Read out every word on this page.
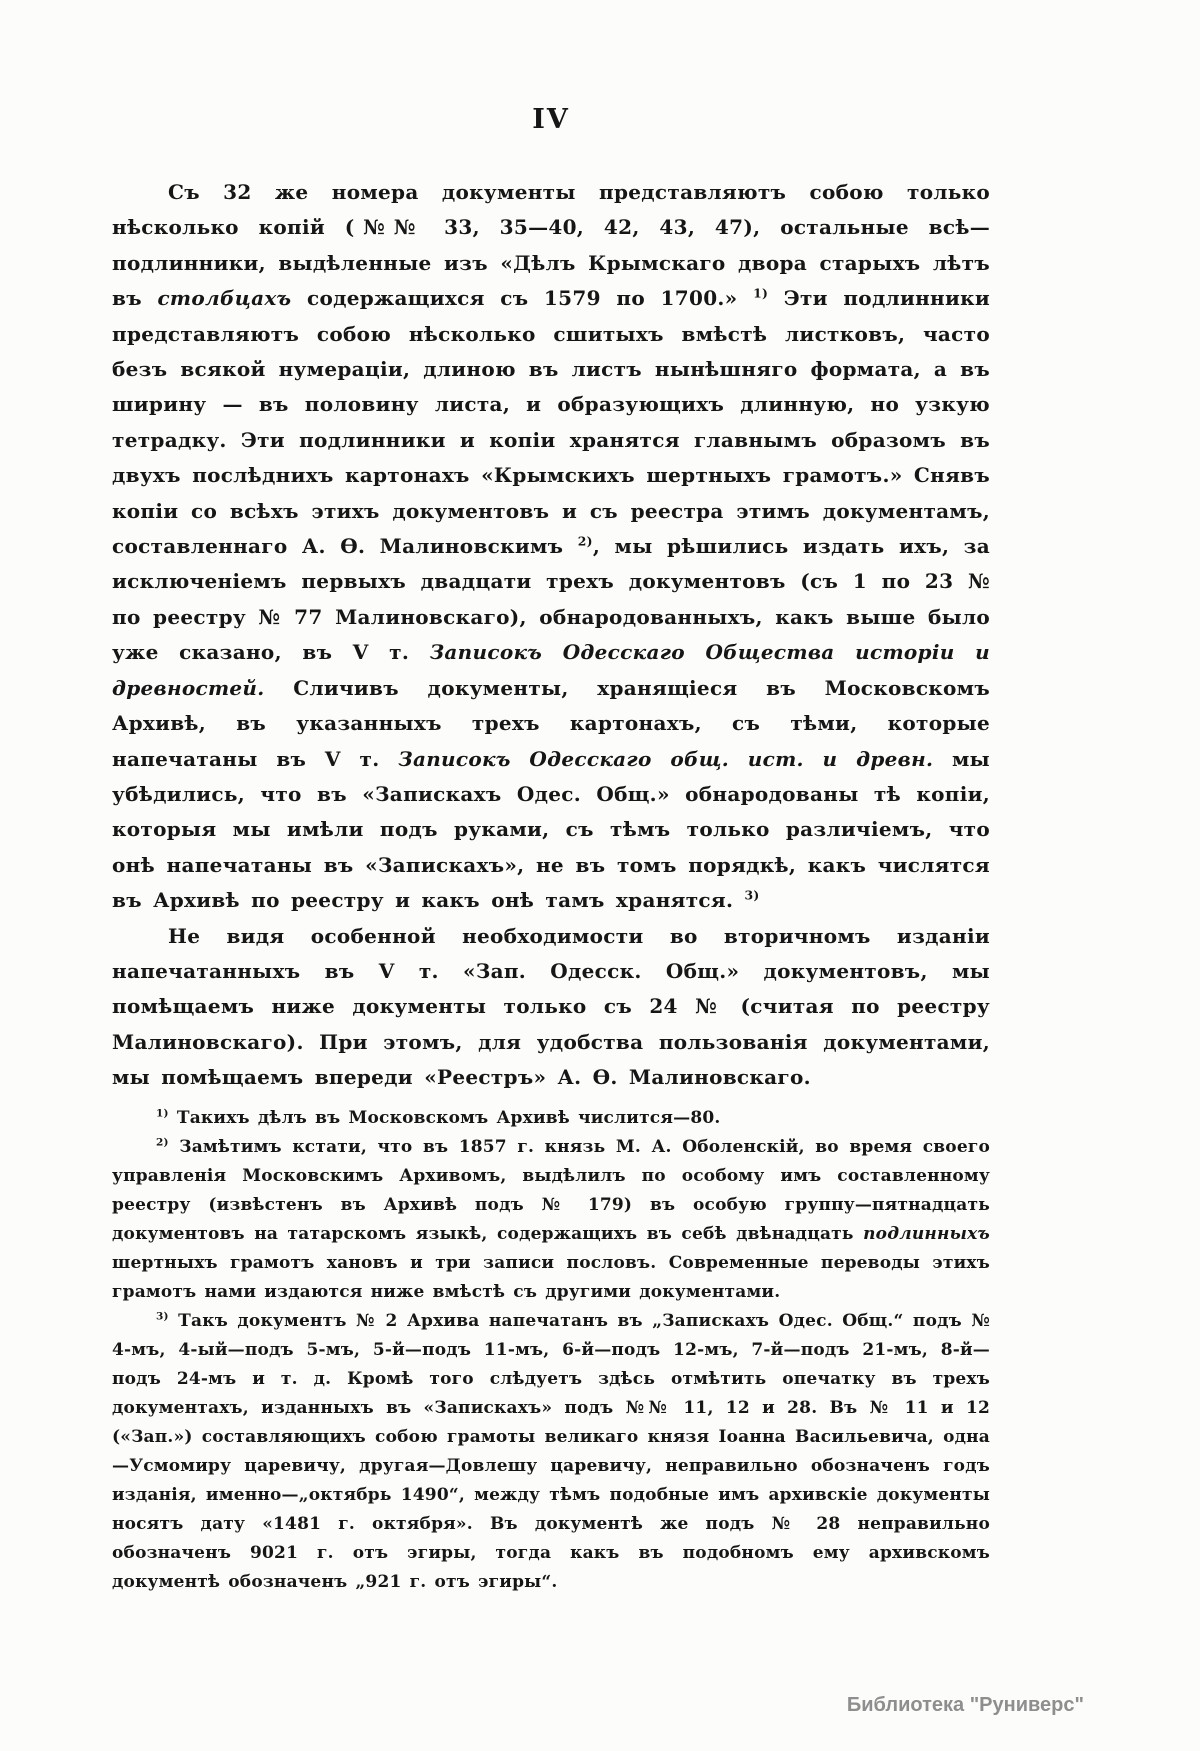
IV

Съ 32 же номера документы представляютъ собою только нѣсколько копій (№№ 33, 35—40, 42, 43, 47), остальные всѣ—подлинники, выдѣленные изъ «Дѣлъ Крымскаго двора старыхъ лѣтъ въ столбцахъ содержащихся съ 1579 по 1700.» $^{1)}$ Эти подлинники представляютъ собою нѣсколько сшитыхъ вмѣстѣ листковъ, часто безъ всякой нумераціи, длиною въ листъ нынѣшняго формата, а въ ширину — въ половину листа, и образующихъ длинную, но узкую тетрадку. Эти подлинники и копіи хранятся главнымъ образомъ въ двухъ послѣднихъ картонахъ «Крымскихъ шертныхъ грамотъ.» Снявъ копіи со всѣхъ этихъ документовъ и съ реестра этимъ документамъ, составленнаго А. Ѳ. Малиновскимъ $^{2)}$, мы рѣшились издать ихъ, за исключеніемъ первыхъ двадцати трехъ документовъ (съ 1 по 23 № по реестру № 77 Малиновскаго), обнародованныхъ, какъ выше было уже сказано, въ V т. Записокъ Одесскаго Общества исторіи и древностей. Сличивъ документы, хранящіеся въ Московскомъ Архивѣ, въ указанныхъ трехъ картонахъ, съ тѣми, которые напечатаны въ V т. Записокъ Одесскаго общ. ист. и древн. мы убѣдились, что въ «Запискахъ Одес. Общ.» обнародованы тѣ копіи, которыя мы имѣли подъ руками, съ тѣмъ только различіемъ, что онѣ напечатаны въ «Запискахъ», не въ томъ порядкѣ, какъ числятся въ Архивѣ по реестру и какъ онѣ тамъ хранятся. $^{3)}$

Не видя особенной необходимости во вторичномъ изданіи напечатанныхъ въ V т. «Зап. Одесск. Общ.» документовъ, мы помѣщаемъ ниже документы только съ 24 № (считая по реестру Малиновскаго). При этомъ, для удобства пользованія документами, мы помѣщаемъ впереди «Реестръ» А. Ѳ. Малиновскаго.

$^{1)}$ Такихъ дѣлъ въ Московскомъ Архивѣ числится—80.

$^{2)}$ Замѣтимъ кстати, что въ 1857 г. князь М. А. Оболенскій, во время своего управленія Московскимъ Архивомъ, выдѣлилъ по особому имъ составленному реестру (извѣстенъ въ Архивѣ подъ № 179) въ особую группу—пятнадцать документовъ на татарскомъ языкѣ, содержащихъ въ себѣ двѣнадцать подлинныхъ шертныхъ грамотъ хановъ и три записи пословъ. Современные переводы этихъ грамотъ нами издаются ниже вмѣстѣ съ другими документами.

$^{3)}$ Такъ документъ № 2 Архива напечатанъ въ „Запискахъ Одес. Общ.“ подъ № 4-мъ, 4-ый—подъ 5-мъ, 5-й—подъ 11-мъ, 6-й—подъ 12-мъ, 7-й—подъ 21-мъ, 8-й—подъ 24-мъ и т. д. Кромѣ того слѣдуетъ здѣсь отмѣтить опечатку въ трехъ документахъ, изданныхъ въ «Запискахъ» подъ №№ 11, 12 и 28. Въ № 11 и 12 («Зап.») составляющихъ собою грамоты великаго князя Іоанна Васильевича, одна—Усмомиру царевичу, другая—Довлешу царевичу, неправильно обозначенъ годъ изданія, именно—„октябрь 1490“, между тѣмъ подобные имъ архивскіе документы носятъ дату «1481 г. октября». Въ документѣ же подъ № 28 неправильно обозначенъ 9021 г. отъ эгиры, тогда какъ въ подобномъ ему архивскомъ документѣ обозначенъ „921 г. отъ эгиры“.

Библиотека "Руниверс"
